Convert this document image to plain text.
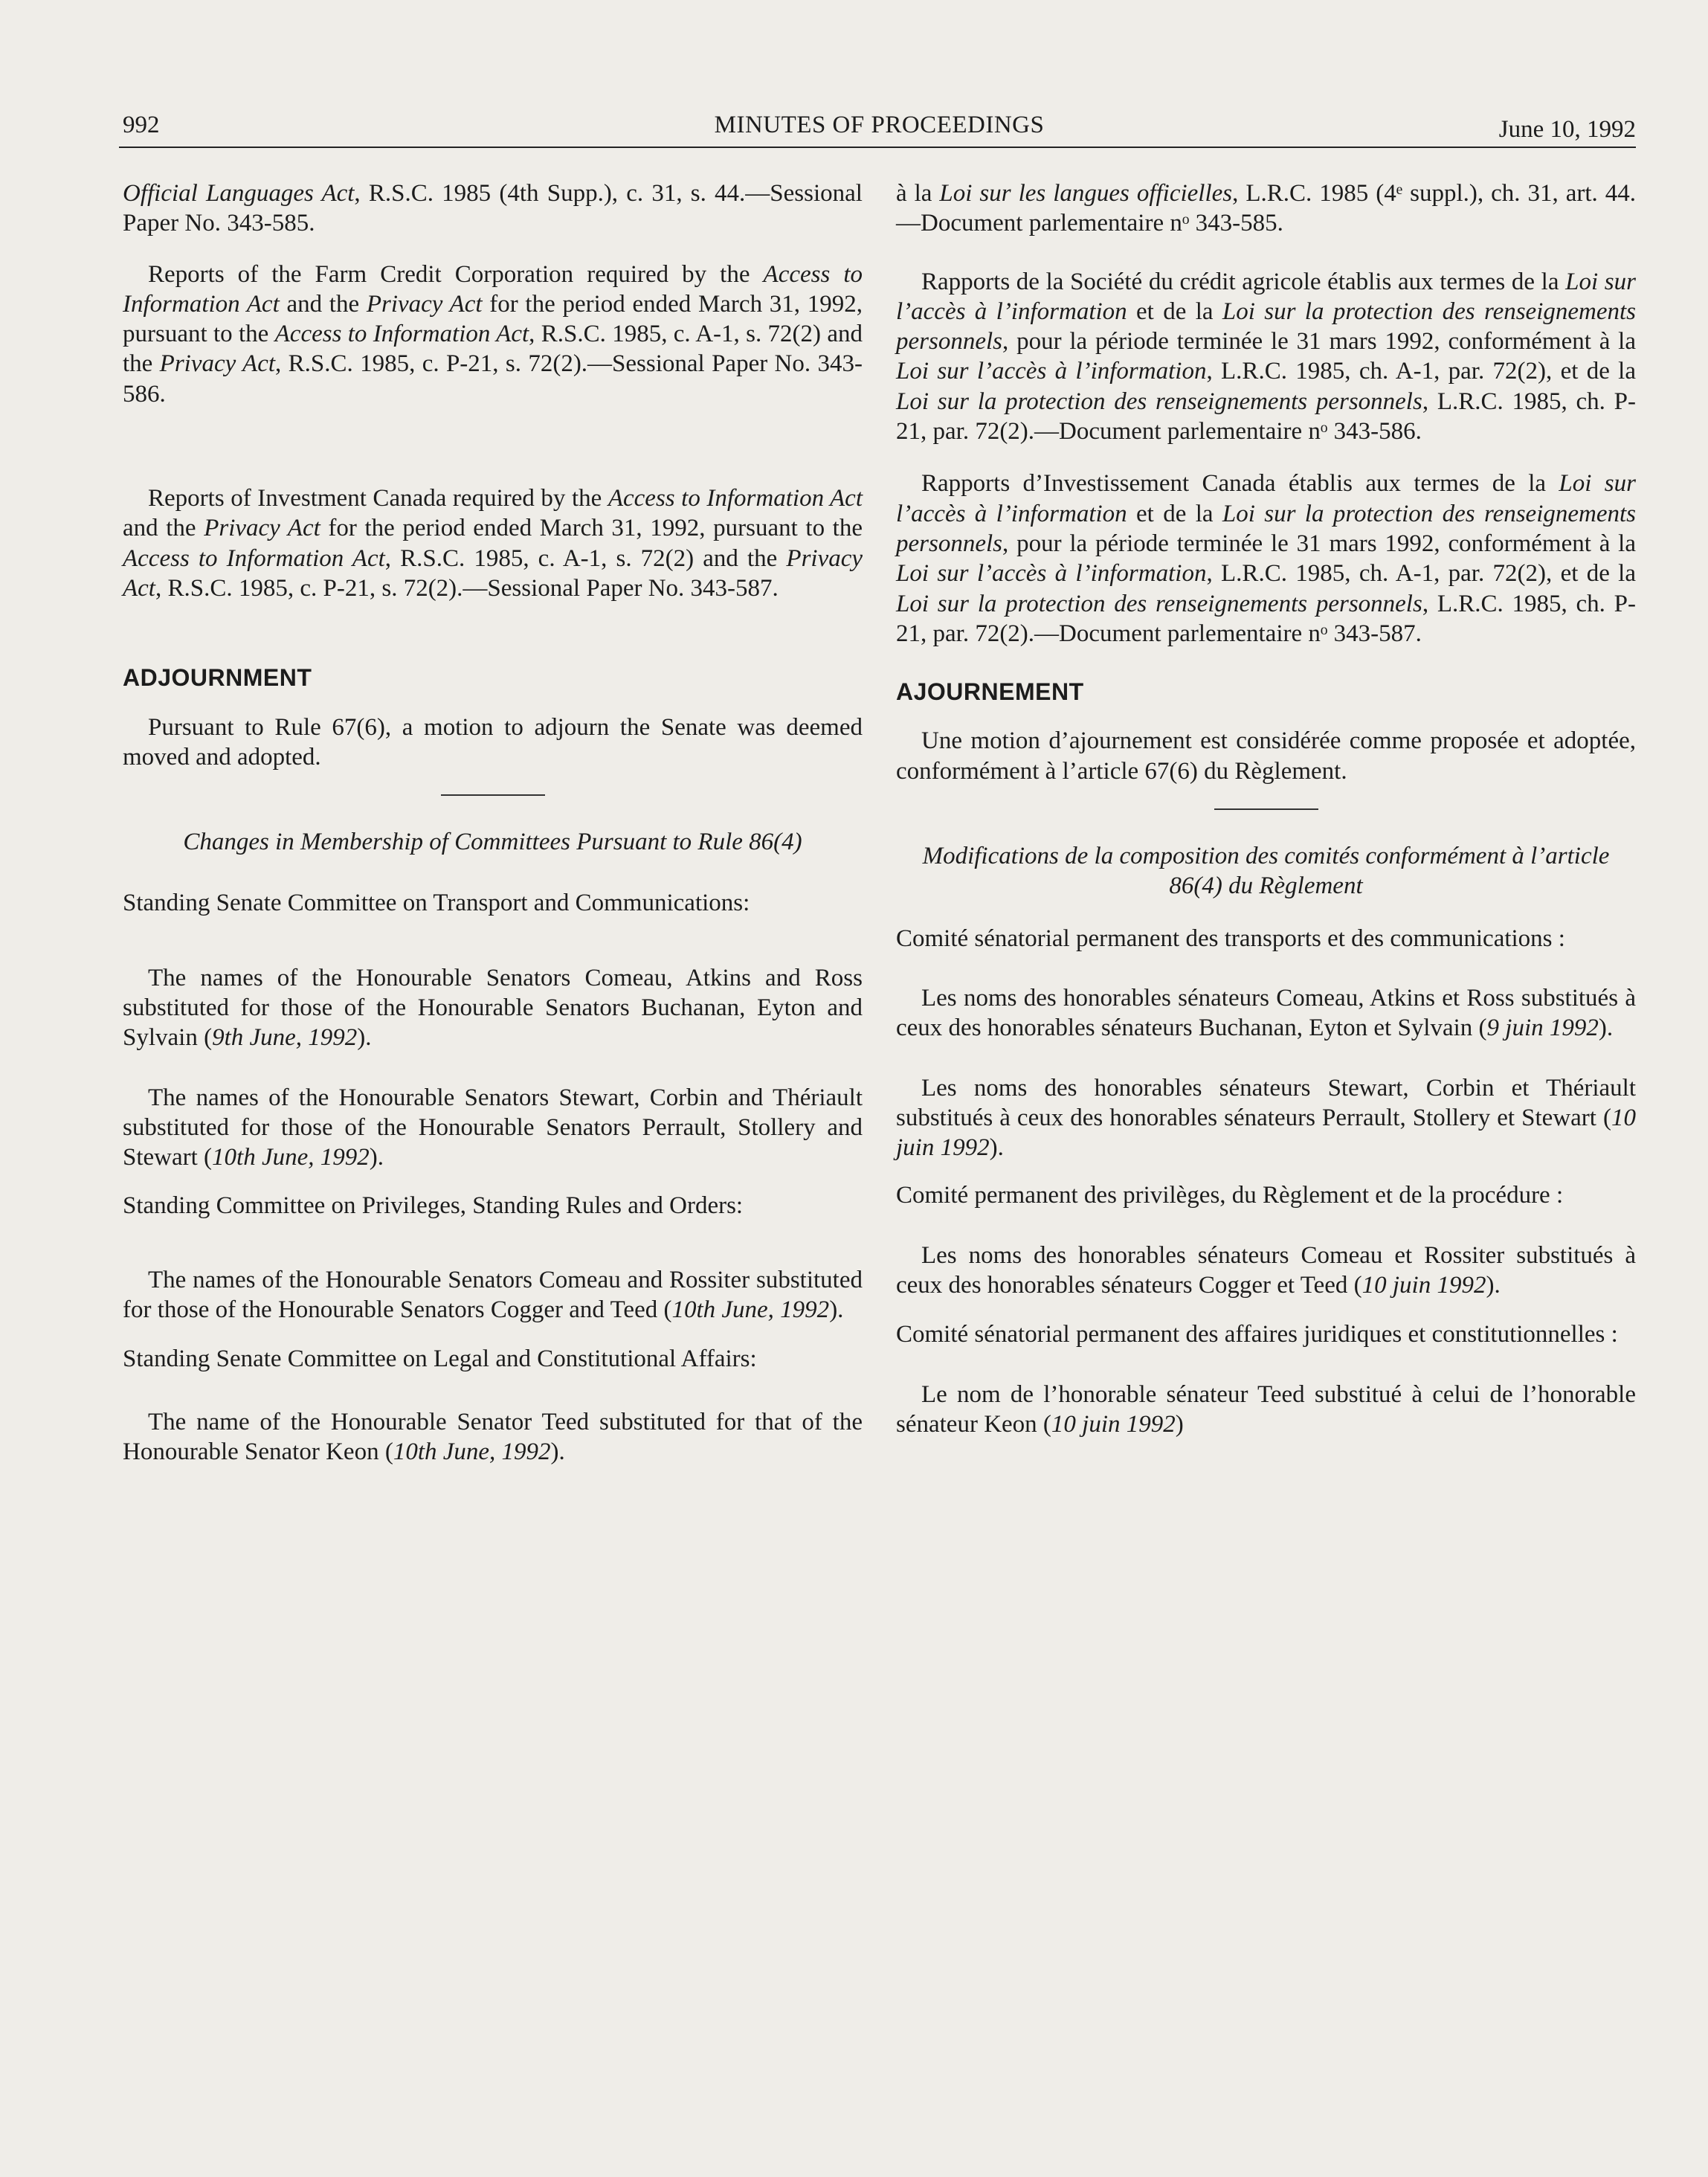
992	MINUTES OF PROCEEDINGS	June 10, 1992

Official Languages Act, R.S.C. 1985 (4th Supp.), c. 31, s. 44.—Sessional Paper No. 343-585.

Reports of the Farm Credit Corporation required by the Access to Information Act and the Privacy Act for the period ended March 31, 1992, pursuant to the Access to Information Act, R.S.C. 1985, c. A-1, s. 72(2) and the Privacy Act, R.S.C. 1985, c. P-21, s. 72(2).—Sessional Paper No. 343-586.

Reports of Investment Canada required by the Access to Information Act and the Privacy Act for the period ended March 31, 1992, pursuant to the Access to Information Act, R.S.C. 1985, c. A-1, s. 72(2) and the Privacy Act, R.S.C. 1985, c. P-21, s. 72(2).—Sessional Paper No. 343-587.

ADJOURNMENT

Pursuant to Rule 67(6), a motion to adjourn the Senate was deemed moved and adopted.

Changes in Membership of Committees Pursuant to Rule 86(4)

Standing Senate Committee on Transport and Communications:

The names of the Honourable Senators Comeau, Atkins and Ross substituted for those of the Honourable Senators Buchanan, Eyton and Sylvain (9th June, 1992).

The names of the Honourable Senators Stewart, Corbin and Thériault substituted for those of the Honourable Senators Perrault, Stollery and Stewart (10th June, 1992).

Standing Committee on Privileges, Standing Rules and Orders:

The names of the Honourable Senators Comeau and Rossiter substituted for those of the Honourable Senators Cogger and Teed (10th June, 1992).

Standing Senate Committee on Legal and Constitutional Affairs:

The name of the Honourable Senator Teed substituted for that of the Honourable Senator Keon (10th June, 1992).

à la Loi sur les langues officielles, L.R.C. 1985 (4ᵉ suppl.), ch. 31, art. 44.—Document parlementaire nᵒ 343-585.

Rapports de la Société du crédit agricole établis aux termes de la Loi sur l’accès à l’information et de la Loi sur la protection des renseignements personnels, pour la période terminée le 31 mars 1992, conformément à la Loi sur l’accès à l’information, L.R.C. 1985, ch. A-1, par. 72(2), et de la Loi sur la protection des renseignements personnels, L.R.C. 1985, ch. P-21, par. 72(2).—Document parlementaire nᵒ 343-586.

Rapports d’Investissement Canada établis aux termes de la Loi sur l’accès à l’information et de la Loi sur la protection des renseignements personnels, pour la période terminée le 31 mars 1992, conformément à la Loi sur l’accès à l’information, L.R.C. 1985, ch. A-1, par. 72(2), et de la Loi sur la protection des renseignements personnels, L.R.C. 1985, ch. P-21, par. 72(2).—Document parlementaire nᵒ 343-587.

AJOURNEMENT

Une motion d’ajournement est considérée comme proposée et adoptée, conformément à l’article 67(6) du Règlement.

Modifications de la composition des comités conformément à l’article 86(4) du Règlement

Comité sénatorial permanent des transports et des communications :

Les noms des honorables sénateurs Comeau, Atkins et Ross substitués à ceux des honorables sénateurs Buchanan, Eyton et Sylvain (9 juin 1992).

Les noms des honorables sénateurs Stewart, Corbin et Thériault substitués à ceux des honorables sénateurs Perrault, Stollery et Stewart (10 juin 1992).

Comité permanent des privilèges, du Règlement et de la procédure :

Les noms des honorables sénateurs Comeau et Rossiter substitués à ceux des honorables sénateurs Cogger et Teed (10 juin 1992).

Comité sénatorial permanent des affaires juridiques et constitutionnelles :

Le nom de l’honorable sénateur Teed substitué à celui de l’honorable sénateur Keon (10 juin 1992)
